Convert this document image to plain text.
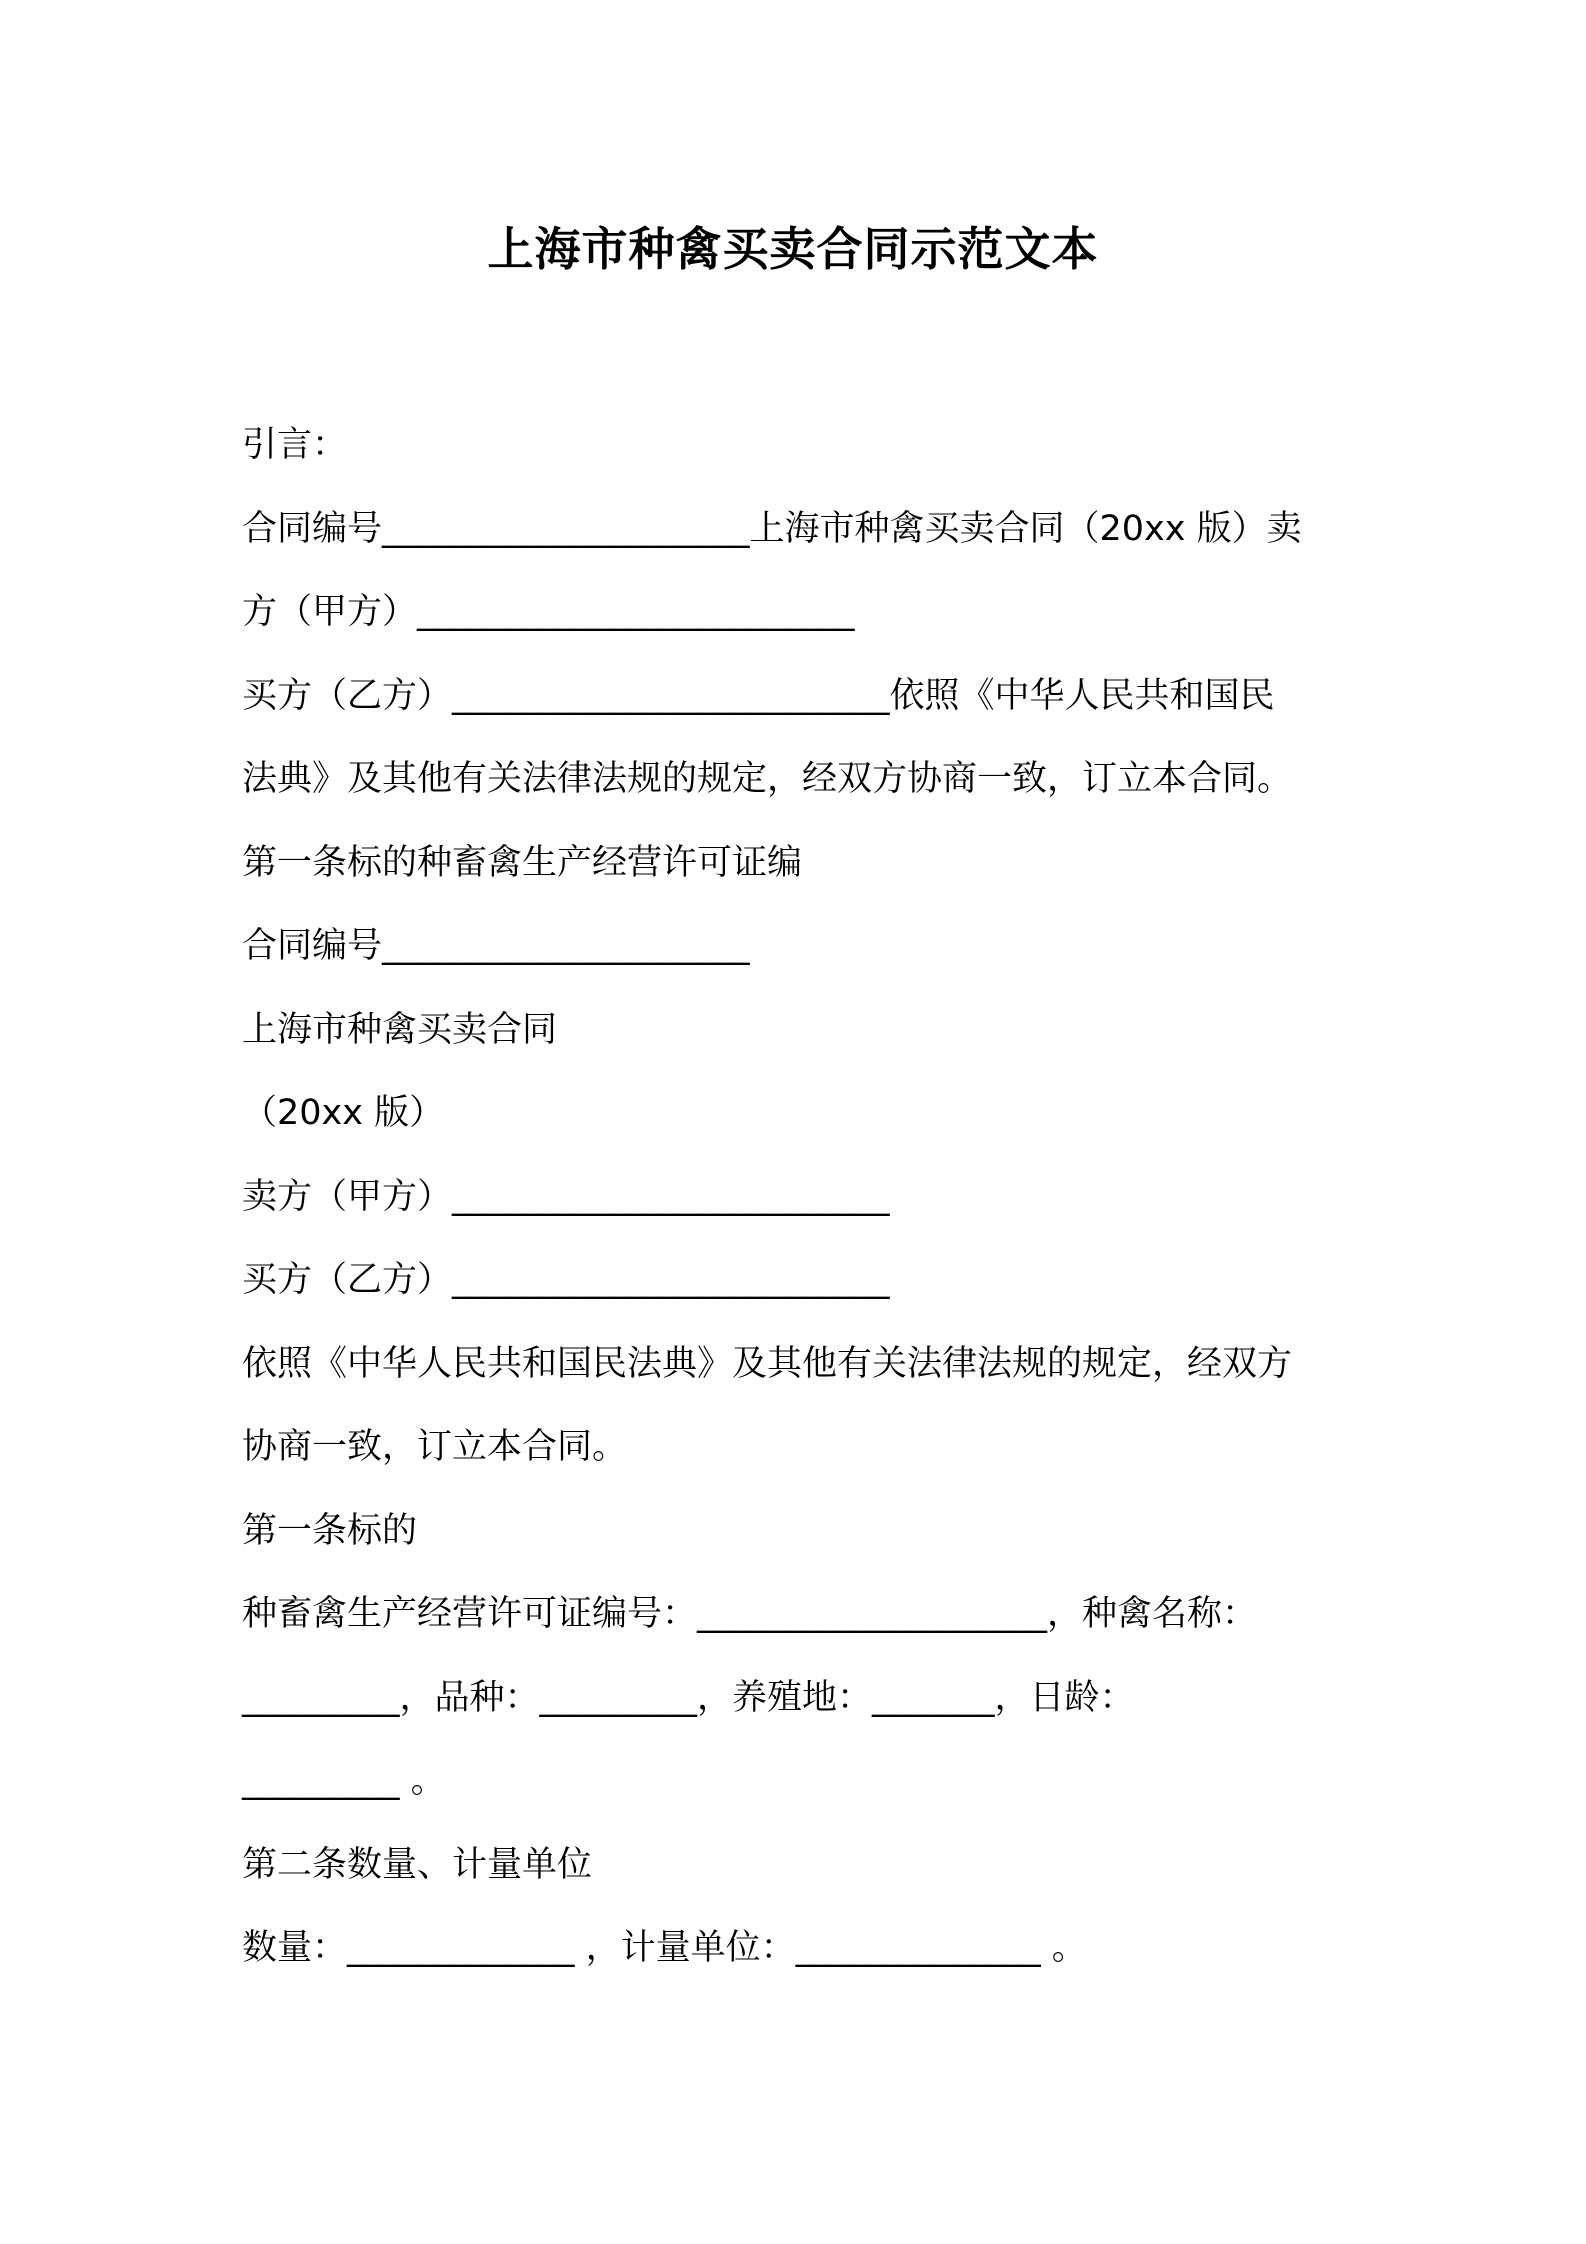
上海市种禽买卖合同示范文本
引言：
合同编号_____________________上海市种禽买卖合同（20xx 版）卖
方（甲方）_________________________
买方（乙方）_________________________依照《中华人民共和国民
法典》及其他有关法律法规的规定，经双方协商一致，订立本合同。
第一条标的种畜禽生产经营许可证编
合同编号_____________________
上海市种禽买卖合同
（20xx 版）
卖方（甲方）_________________________
买方（乙方）_________________________
依照《中华人民共和国民法典》及其他有关法律法规的规定，经双方
协商一致，订立本合同。
第一条标的
种畜禽生产经营许可证编号：____________________，种禽名称：
_________，品种：_________，养殖地：_______，日龄：
_________ 。
第二条数量、计量单位
数量：_____________ ，计量单位：______________ 。
